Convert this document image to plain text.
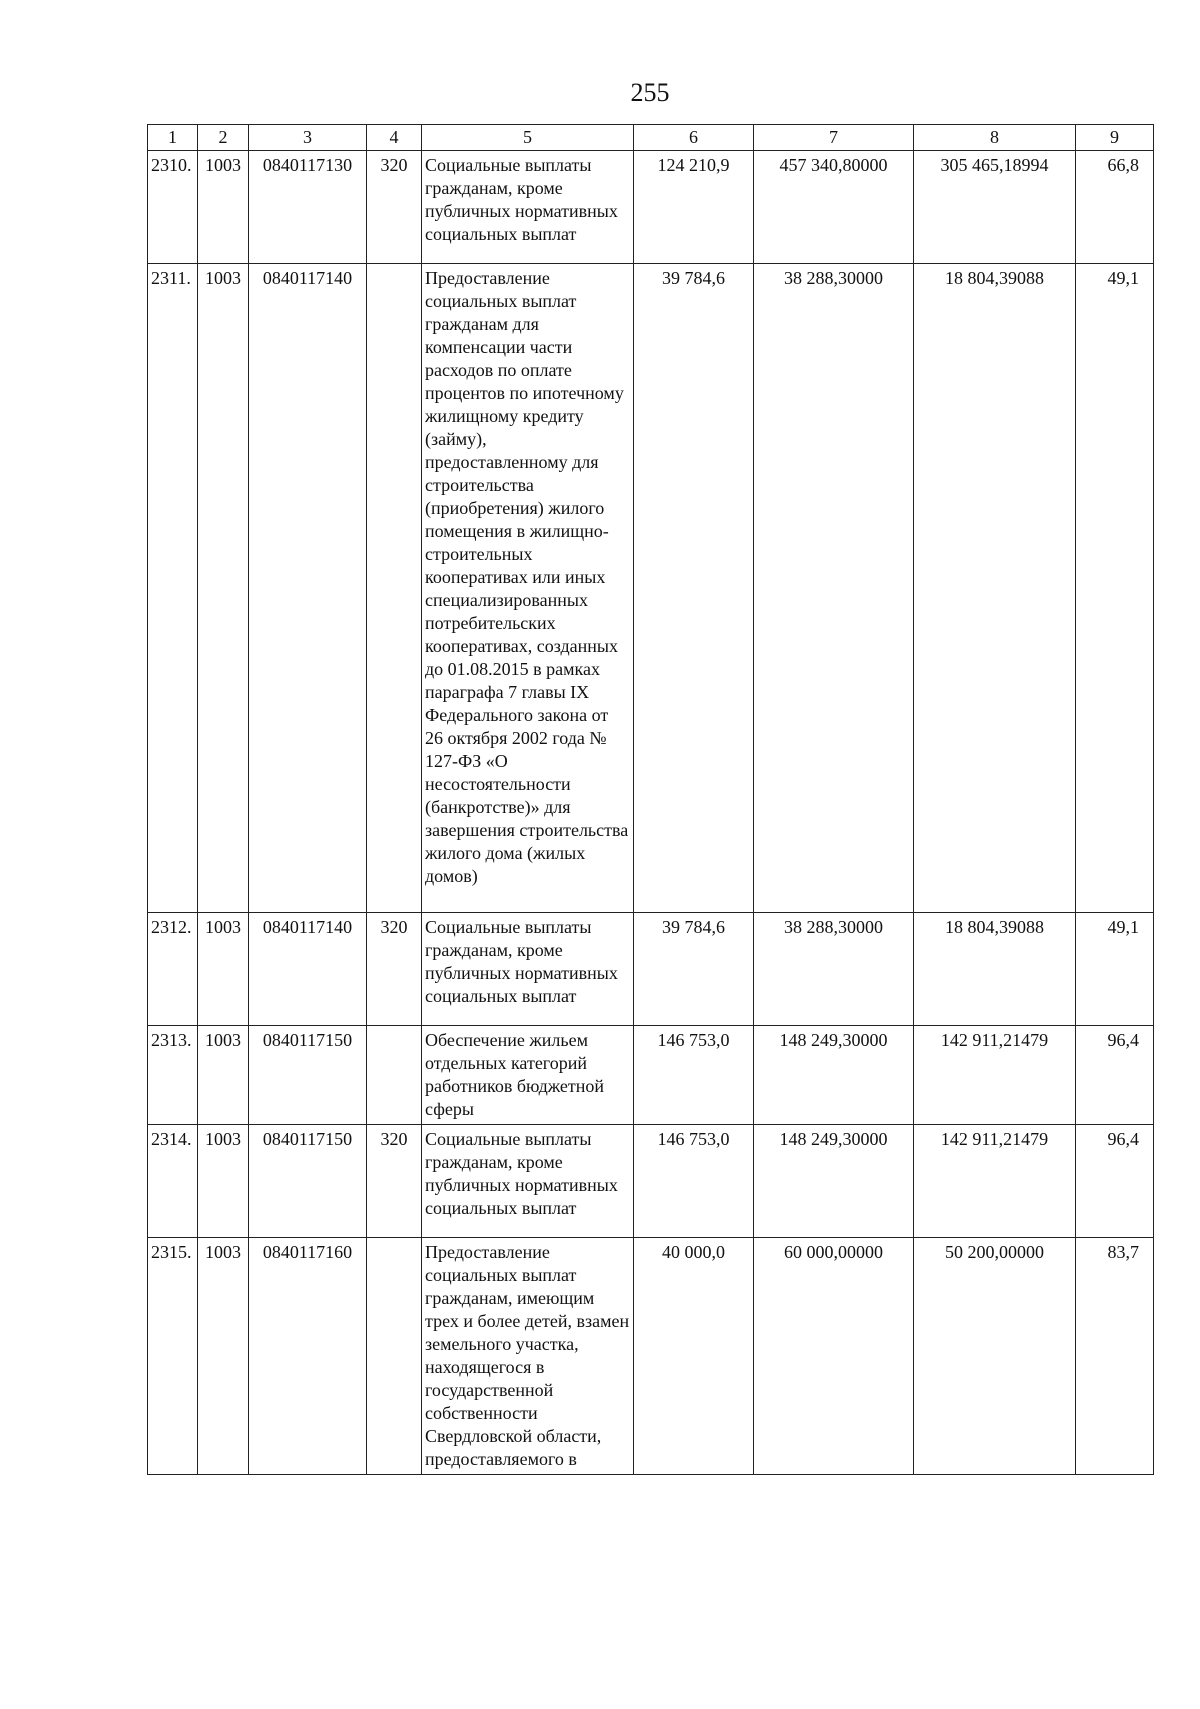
255
1	2	3	4	5	6	7	8	9
2310.	1003	0840117130	320	Социальные выплаты гражданам, кроме публичных нормативных социальных выплат	124 210,9	457 340,80000	305 465,18994	66,8
2311.	1003	0840117140		Предоставление социальных выплат гражданам для компенсации части расходов по оплате процентов по ипотечному жилищному кредиту (займу), предоставленному для строительства (приобретения) жилого помещения в жилищно-строительных кооперативах или иных специализированных потребительских кооперативах, созданных до 01.08.2015 в рамках параграфа 7 главы IX Федерального закона от 26 октября 2002 года № 127-ФЗ «О несостоятельности (банкротстве)» для завершения строительства жилого дома (жилых домов)	39 784,6	38 288,30000	18 804,39088	49,1
2312.	1003	0840117140	320	Социальные выплаты гражданам, кроме публичных нормативных социальных выплат	39 784,6	38 288,30000	18 804,39088	49,1
2313.	1003	0840117150		Обеспечение жильем отдельных категорий работников бюджетной сферы	146 753,0	148 249,30000	142 911,21479	96,4
2314.	1003	0840117150	320	Социальные выплаты гражданам, кроме публичных нормативных социальных выплат	146 753,0	148 249,30000	142 911,21479	96,4
2315.	1003	0840117160		Предоставление социальных выплат гражданам, имеющим трех и более детей, взамен земельного участка, находящегося в государственной собственности Свердловской области, предоставляемого в	40 000,0	60 000,00000	50 200,00000	83,7
